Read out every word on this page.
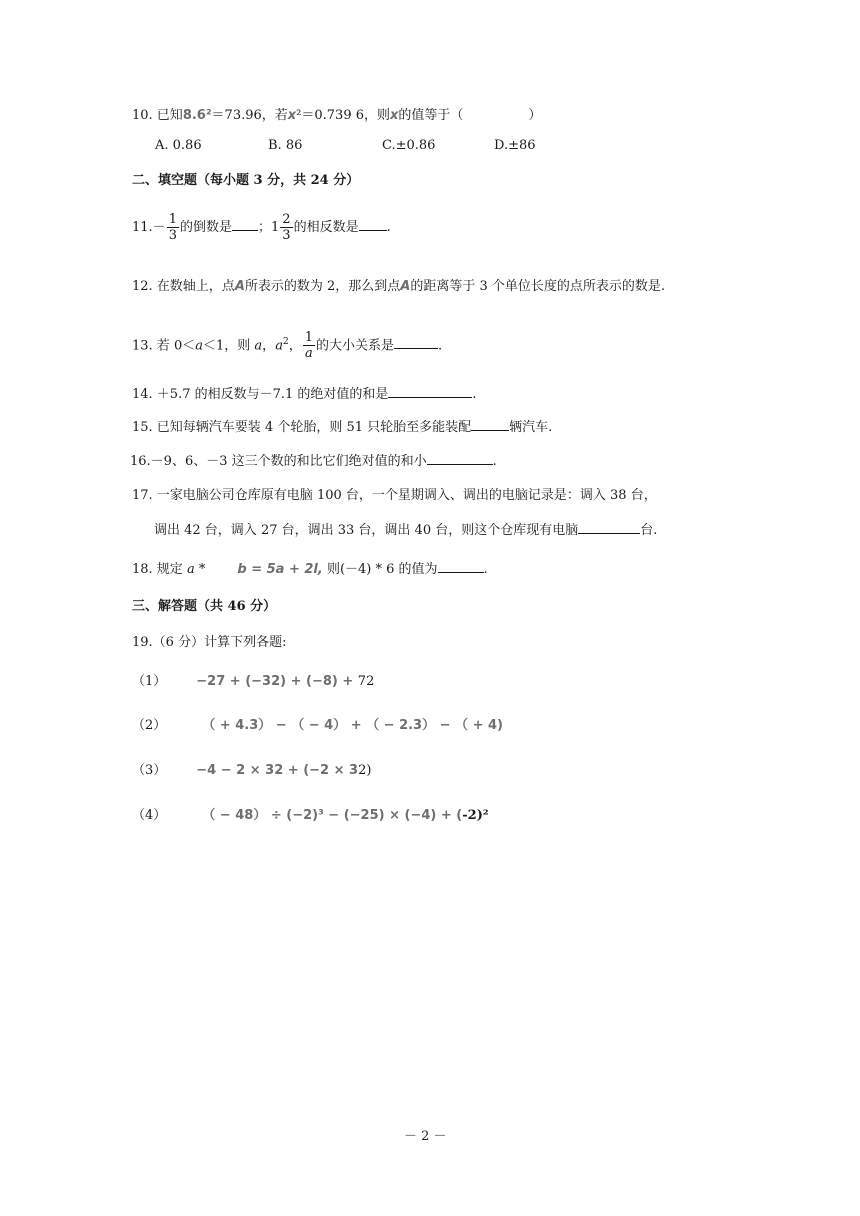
10. 已知8.6²＝73.96，若x²＝0.739 6，则x的值等于（　　　　　）
A. 0.86	B. 86	C.±0.86	D.±86
二、填空题（每小题 3 分，共 24 分）
$11.- \frac{1}{3}$ 的倒数是 ；$1 \frac{2}{3}$ 的相反数是 .
12. 在数轴上，点A所表示的数为 2，那么到点A的距离等于 3 个单位长度的点所表示的数是.
13. 若 0＜a＜1，则 a，$a^2$， $\frac{1}{a}$ 的大小关系是	.
14. ＋5.7 的相反数与－7.1 的绝对值的和是	.
15. 已知每辆汽车要装 4 个轮胎，则 51 只轮胎至多能装配	辆汽车.
16.－9、6、－3 这三个数的和比它们绝对值的和小	.
17. 一家电脑公司仓库原有电脑 100 台，一个星期调入、调出的电脑记录是：调入 38 台，
调出 42 台，调入 27 台，调出 33 台，调出 40 台，则这个仓库现有电脑	台.
18. 规定 a * b = 5a + 2l, 则(－4) * 6 的值为	.
三、解答题（共 46 分）
19.（6 分）计算下列各题:
（1） −27 + (−32) + (−8) + 72
（2）	（ + 4.3） − （ − 4） + （ − 2.3） − （ + 4)
（3） −4 − 2 × 32 + (−2 × 32)
（4）	（ − 48） ÷ (−2)³ − (−25) × (−4) + (-2)²
－ 2 －
